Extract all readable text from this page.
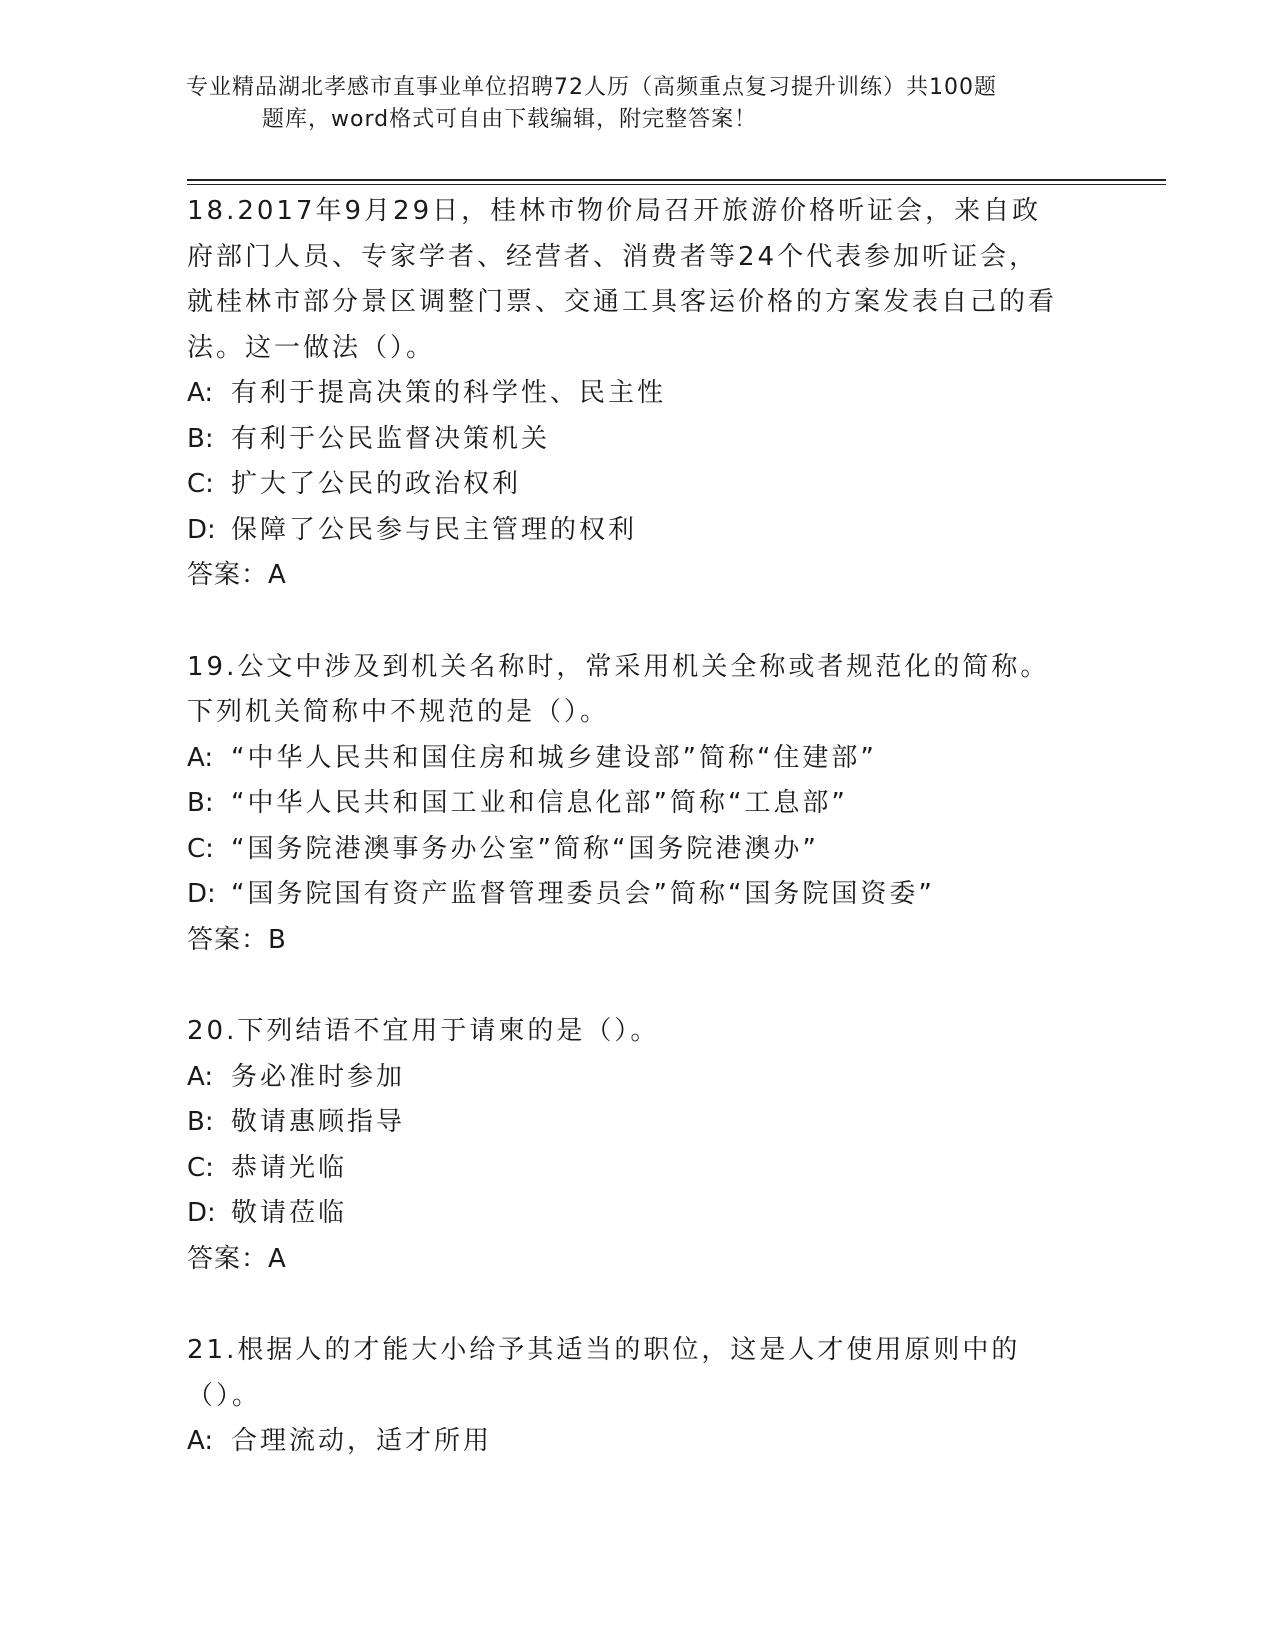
专业精品湖北孝感市直事业单位招聘72人历（高频重点复习提升训练）共100题
题库，word格式可自由下载编辑，附完整答案！
18.2017年9月29日，桂林市物价局召开旅游价格听证会，来自政府部门人员、专家学者、经营者、消费者等24个代表参加听证会，就桂林市部分景区调整门票、交通工具客运价格的方案发表自己的看法。这一做法（）。
A: 有利于提高决策的科学性、民主性
B: 有利于公民监督决策机关
C: 扩大了公民的政治权利
D: 保障了公民参与民主管理的权利
答案：A
19.公文中涉及到机关名称时，常采用机关全称或者规范化的简称。下列机关简称中不规范的是（）。
A: “中华人民共和国住房和城乡建设部”简称“住建部”
B: “中华人民共和国工业和信息化部”简称“工息部”
C: “国务院港澳事务办公室”简称“国务院港澳办”
D: “国务院国有资产监督管理委员会”简称“国务院国资委”
答案：B
20.下列结语不宜用于请柬的是（）。
A: 务必准时参加
B: 敬请惠顾指导
C: 恭请光临
D: 敬请莅临
答案：A
21.根据人的才能大小给予其适当的职位，这是人才使用原则中的（）。
A: 合理流动，适才所用
